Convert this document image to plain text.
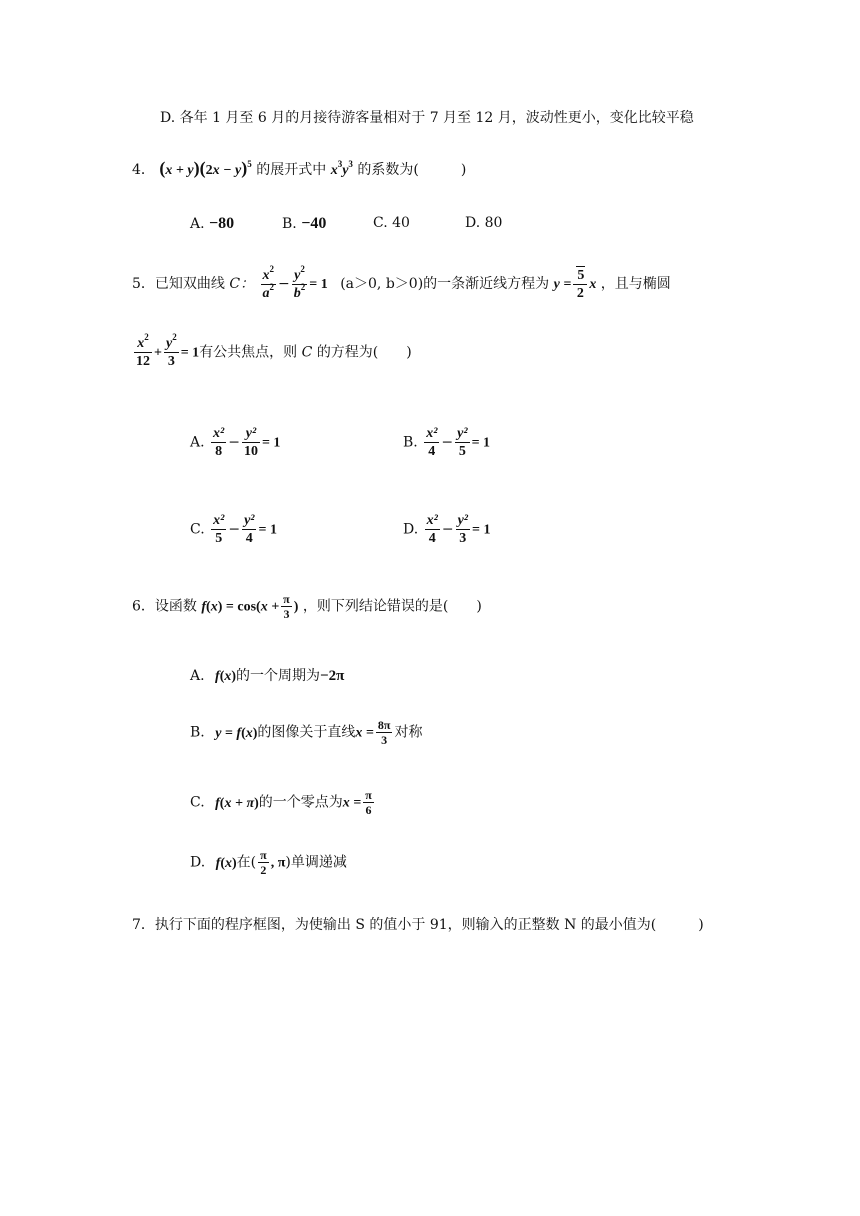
D. 各年 1 月至 6 月的月接待游客量相对于 7 月至 12 月，波动性更小，变化比较平稳
4． $(x + y)(2x - y)^5$ 的展开式中 $x^3y^3$ 的系数为(　　　)
A. −80	B. −40	C. 40	D. 80
5．已知双曲线 C： $\frac{x^2}{a^2} - \frac{y^2}{b^2} = 1$ (a＞0, b＞0)的一条渐近线方程为 $y = \frac{5}{2}$ x ，且与椭圆
$\frac{x^2}{12} + \frac{y^2}{3} = 1$有公共焦点，则 C 的方程为(　　)
A. $\frac{\text{x²}}{8} - \frac{\text{y²}}{10} = 1$	B. $\frac{\text{x²}}{4} - \frac{\text{y²}}{5} = 1$
C. $\frac{\text{x²}}{5} - \frac{\text{y²}}{4} = 1$	D. $\frac{\text{x²}}{4} - \frac{\text{y²}}{3} = 1$
6．设函数 $f(x) = \cos(x + \frac{\pi}{3}$ ) ，则下列结论错误的是(　　)
A. f(x)的一个周期为−2π
B. y = f(x)的图像关于直线$x = \frac{8\pi}{3}$ 对称
C. f(x + π)的一个零点为$x = \frac{\pi}{6}$
D. f(x)在( $\frac{\pi}{2}$ , π)单调递减
7．执行下面的程序框图，为使输出 S 的值小于 91，则输入的正整数 N 的最小值为(　　　)
